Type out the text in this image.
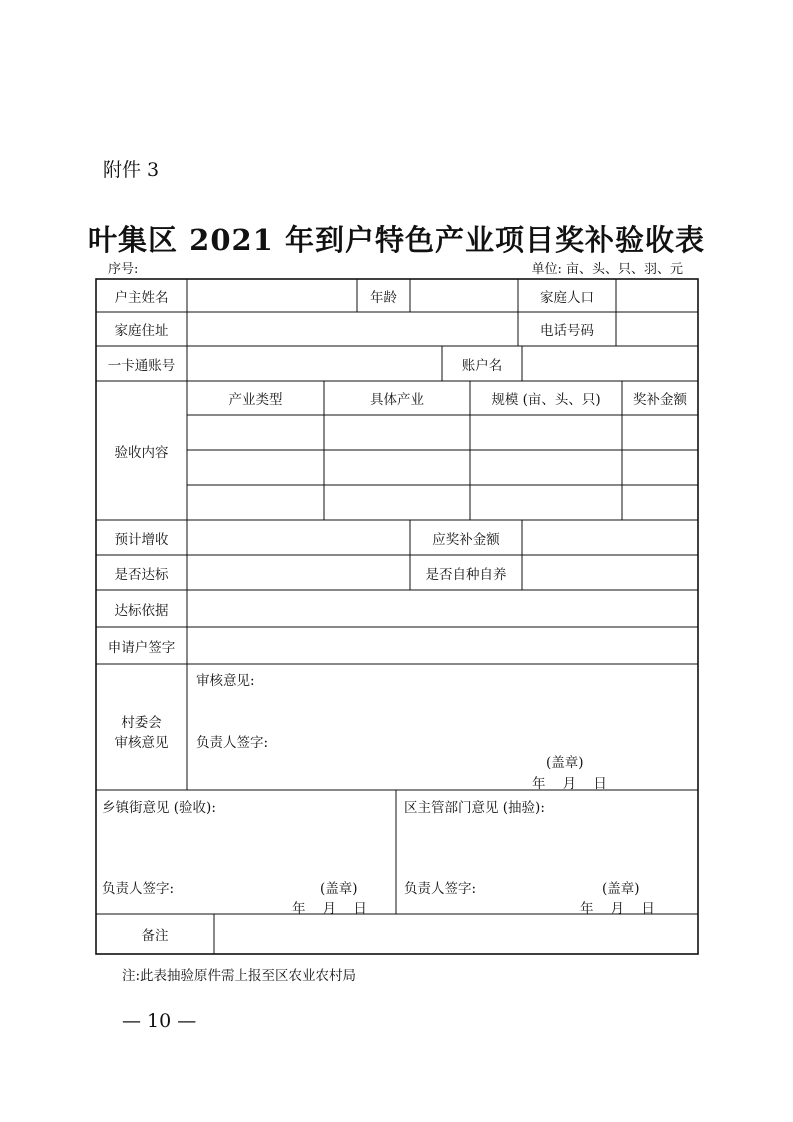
附件 3
叶集区 2021 年到户特色产业项目奖补验收表
序号:	单位: 亩、头、只、羽、元
户主姓名	年龄	家庭人口
家庭住址	电话号码
一卡通账号	账户名
验收内容
产业类型	具体产业	规模 (亩、头、只)	奖补金额
预计增收	应奖补金额
是否达标	是否自种自养
达标依据
申请户签字
村委会
审核意见
审核意见:
负责人签字:
(盖章)
年    月    日
乡镇街意见 (验收):
负责人签字:	(盖章)
年    月    日
区主管部门意见 (抽验):
负责人签字:	(盖章)
年    月    日
备注
注:此表抽验原件需上报至区农业农村局
— 10 —
